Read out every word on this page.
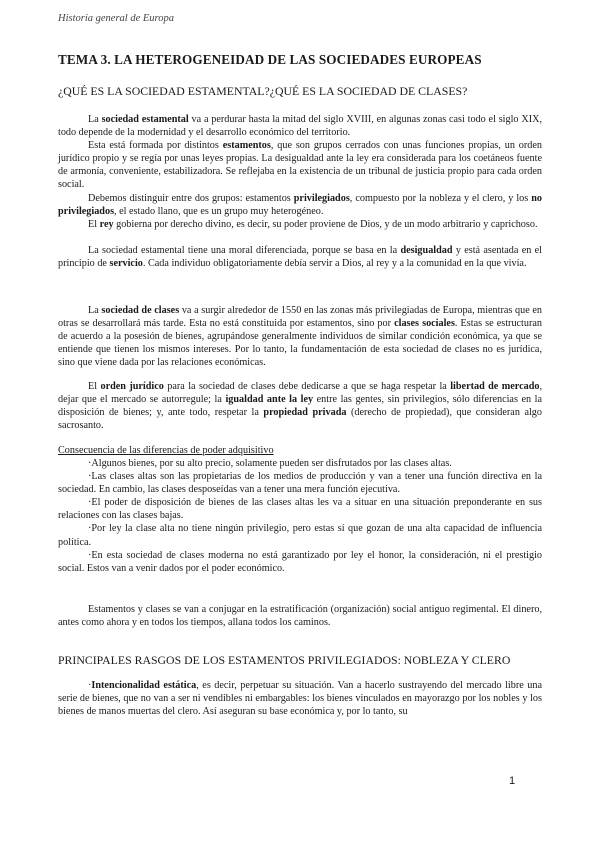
Historia general de Europa
TEMA 3. LA HETEROGENEIDAD DE LAS SOCIEDADES EUROPEAS
¿QUÉ ES LA SOCIEDAD ESTAMENTAL?¿QUÉ ES LA SOCIEDAD DE CLASES?

La sociedad estamental va a perdurar hasta la mitad del siglo XVIII, en algunas zonas casi todo el siglo XIX, todo depende de la modernidad y el desarrollo económico del territorio.

Esta está formada por distintos estamentos, que son grupos cerrados con unas funciones propias, un orden jurídico propio y se regía por unas leyes propias. La desigualdad ante la ley era considerada para los coetáneos fuente de armonía, conveniente, estabilizadora. Se reflejaba en la existencia de un tribunal de justicia propio para cada orden social.

Debemos distinguir entre dos grupos: estamentos privilegiados, compuesto por la nobleza y el clero, y los no privilegiados, el estado llano, que es un grupo muy heterogéneo.

El rey gobierna por derecho divino, es decir, su poder proviene de Dios, y de un modo arbitrario y caprichoso.

La sociedad estamental tiene una moral diferenciada, porque se basa en la desigualdad y está asentada en el principio de servicio. Cada individuo obligatoriamente debía servir a Dios, al rey y a la comunidad en la que vivía.

La sociedad de clases va a surgir alrededor de 1550 en las zonas más privilegiadas de Europa, mientras que en otras se desarrollará más tarde. Esta no está constituida por estamentos, sino por clases sociales. Estas se estructuran de acuerdo a la posesión de bienes, agrupándose generalmente individuos de similar condición económica, ya que se entiende que tienen los mismos intereses. Por lo tanto, la fundamentación de esta sociedad de clases no es jurídica, sino que viene dada por las relaciones económicas.

El orden jurídico para la sociedad de clases debe dedicarse a que se haga respetar la libertad de mercado, dejar que el mercado se autorregule; la igualdad ante la ley entre las gentes, sin privilegios, sólo diferencias en la disposición de bienes; y, ante todo, respetar la propiedad privada (derecho de propiedad), que consideran algo sacrosanto.

Consecuencia de las diferencias de poder adquisitivo

·Algunos bienes, por su alto precio, solamente pueden ser disfrutados por las clases altas.

·Las clases altas son las propietarias de los medios de producción y van a tener una función directiva en la sociedad. En cambio, las clases desposeídas van a tener una mera función ejecutiva.

·El poder de disposición de bienes de las clases altas les va a situar en una situación preponderante en sus relaciones con las clases bajas.

·Por ley la clase alta no tiene ningún privilegio, pero estas sí que gozan de una alta capacidad de influencia política.

·En esta sociedad de clases moderna no está garantizado por ley el honor, la consideración, ni el prestigio social. Estos van a venir dados por el poder económico.

Estamentos y clases se van a conjugar en la estratificación (organización) social antiguo regimental. El dinero, antes como ahora y en todos los tiempos, allana todos los caminos.

PRINCIPALES RASGOS DE LOS ESTAMENTOS PRIVILEGIADOS: NOBLEZA Y CLERO

·Intencionalidad estática, es decir, perpetuar su situación. Van a hacerlo sustrayendo del mercado libre una serie de bienes, que no van a ser ni vendibles ni embargables: los bienes vinculados en mayorazgo por los nobles y los bienes de manos muertas del clero. Así aseguran su base económica y, por lo tanto, su

1
